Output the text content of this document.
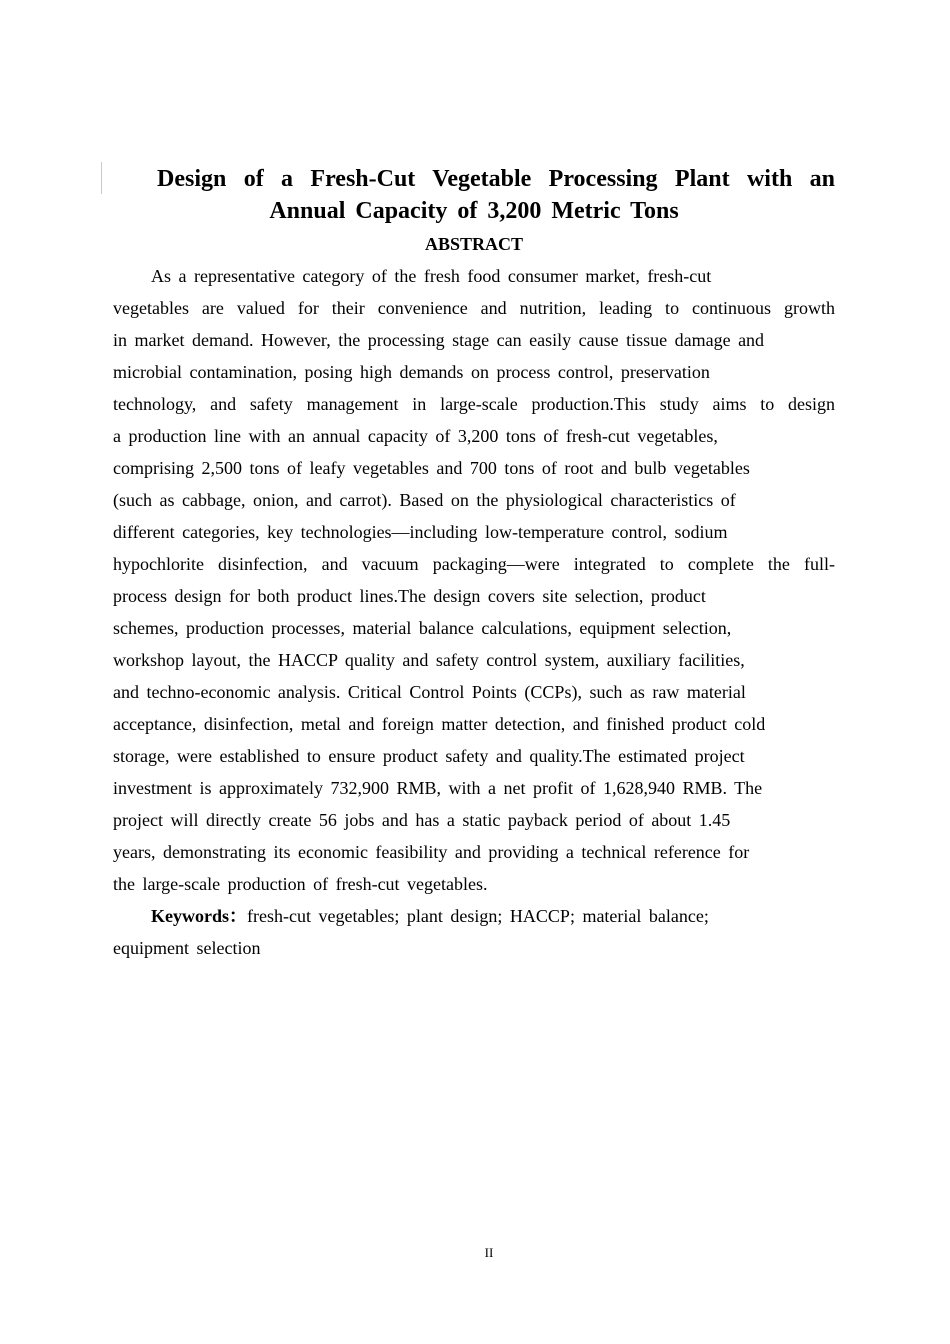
Design of a Fresh-Cut Vegetable Processing Plant with an
Annual Capacity of 3,200 Metric Tons
ABSTRACT
As a representative category of the fresh food consumer market, fresh-cut
vegetables are valued for their convenience and nutrition, leading to continuous growth
in market demand. However, the processing stage can easily cause tissue damage and
microbial contamination, posing high demands on process control, preservation
technology, and safety management in large-scale production.This study aims to design
a production line with an annual capacity of 3,200 tons of fresh-cut vegetables,
comprising 2,500 tons of leafy vegetables and 700 tons of root and bulb vegetables
(such as cabbage, onion, and carrot). Based on the physiological characteristics of
different categories, key technologies—including low-temperature control, sodium
hypochlorite disinfection, and vacuum packaging—were integrated to complete the full-
process design for both product lines.The design covers site selection, product
schemes, production processes, material balance calculations, equipment selection,
workshop layout, the HACCP quality and safety control system, auxiliary facilities,
and techno-economic analysis. Critical Control Points (CCPs), such as raw material
acceptance, disinfection, metal and foreign matter detection, and finished product cold
storage, were established to ensure product safety and quality.The estimated project
investment is approximately 732,900 RMB, with a net profit of 1,628,940 RMB. The
project will directly create 56 jobs and has a static payback period of about 1.45
years, demonstrating its economic feasibility and providing a technical reference for
the large-scale production of fresh-cut vegetables.
Keywords：fresh-cut vegetables; plant design; HACCP; material balance;
equipment selection
II
